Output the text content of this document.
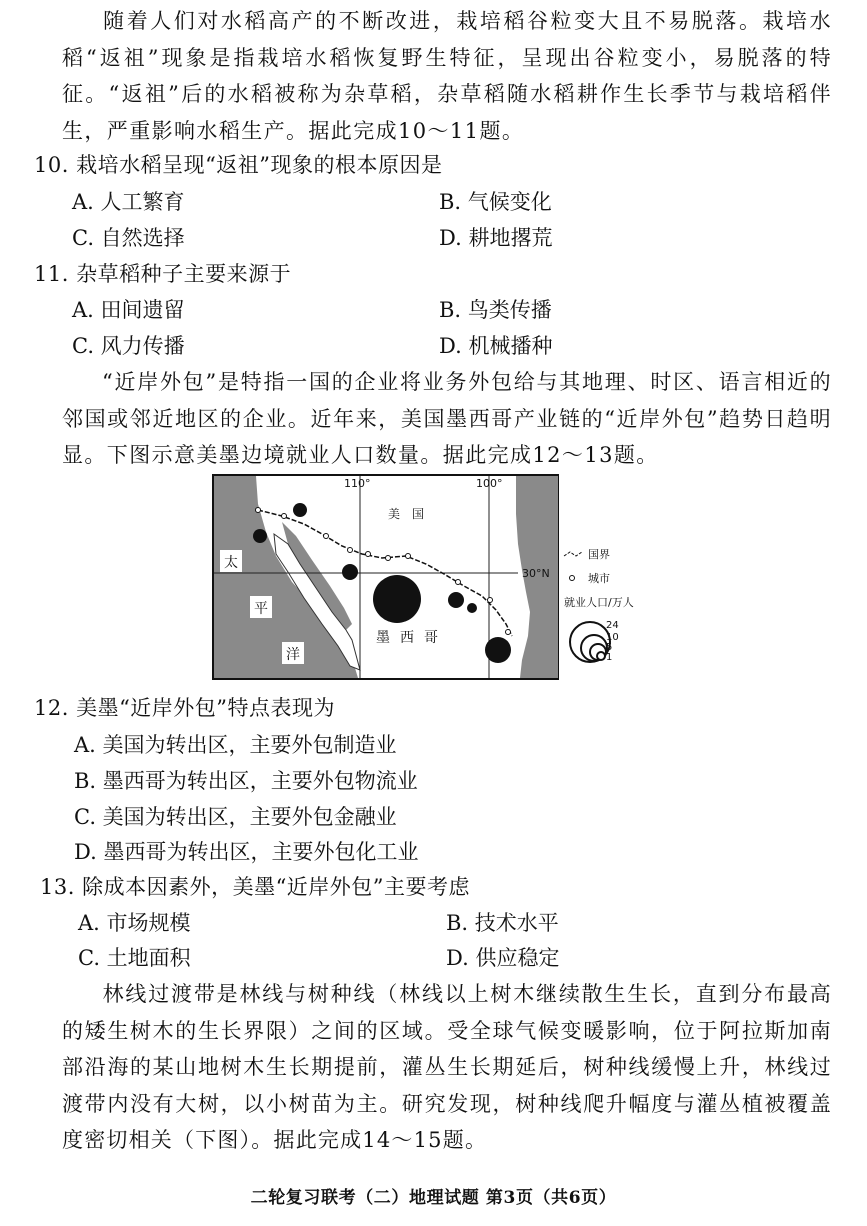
随着人们对水稻高产的不断改进，栽培稻谷粒变大且不易脱落。栽培水稻“返祖”现象是指栽培水稻恢复野生特征，呈现出谷粒变小，易脱落的特征。“返祖”后的水稻被称为杂草稻，杂草稻随水稻耕作生长季节与栽培稻伴生，严重影响水稻生产。据此完成10～11题。

10. 栽培水稻呈现“返祖”现象的根本原因是

A. 人工繁育	B. 气候变化

C. 自然选择	D. 耕地撂荒

11. 杂草稻种子主要来源于

A. 田间遗留	B. 鸟类传播

C. 风力传播	D. 机械播种

“近岸外包”是特指一国的企业将业务外包给与其地理、时区、语言相近的邻国或邻近地区的企业。近年来，美国墨西哥产业链的“近岸外包”趋势日趋明显。下图示意美墨边境就业人口数量。据此完成12～13题。

110°	100°
30°N
美　国
墨 西 哥
太
平
洋
国界
城市
就业人口/万人
24
10
5
1

12. 美墨“近岸外包”特点表现为

A. 美国为转出区，主要外包制造业

B. 墨西哥为转出区，主要外包物流业

C. 美国为转出区，主要外包金融业

D. 墨西哥为转出区，主要外包化工业

13. 除成本因素外，美墨“近岸外包”主要考虑

A. 市场规模	B. 技术水平

C. 土地面积	D. 供应稳定

林线过渡带是林线与树种线（林线以上树木继续散生生长，直到分布最高的矮生树木的生长界限）之间的区域。受全球气候变暖影响，位于阿拉斯加南部沿海的某山地树木生长期提前，灌丛生长期延后，树种线缓慢上升，林线过渡带内没有大树，以小树苗为主。研究发现，树种线爬升幅度与灌丛植被覆盖度密切相关（下图）。据此完成14～15题。

二轮复习联考（二）地理试题 第3页（共6页）
